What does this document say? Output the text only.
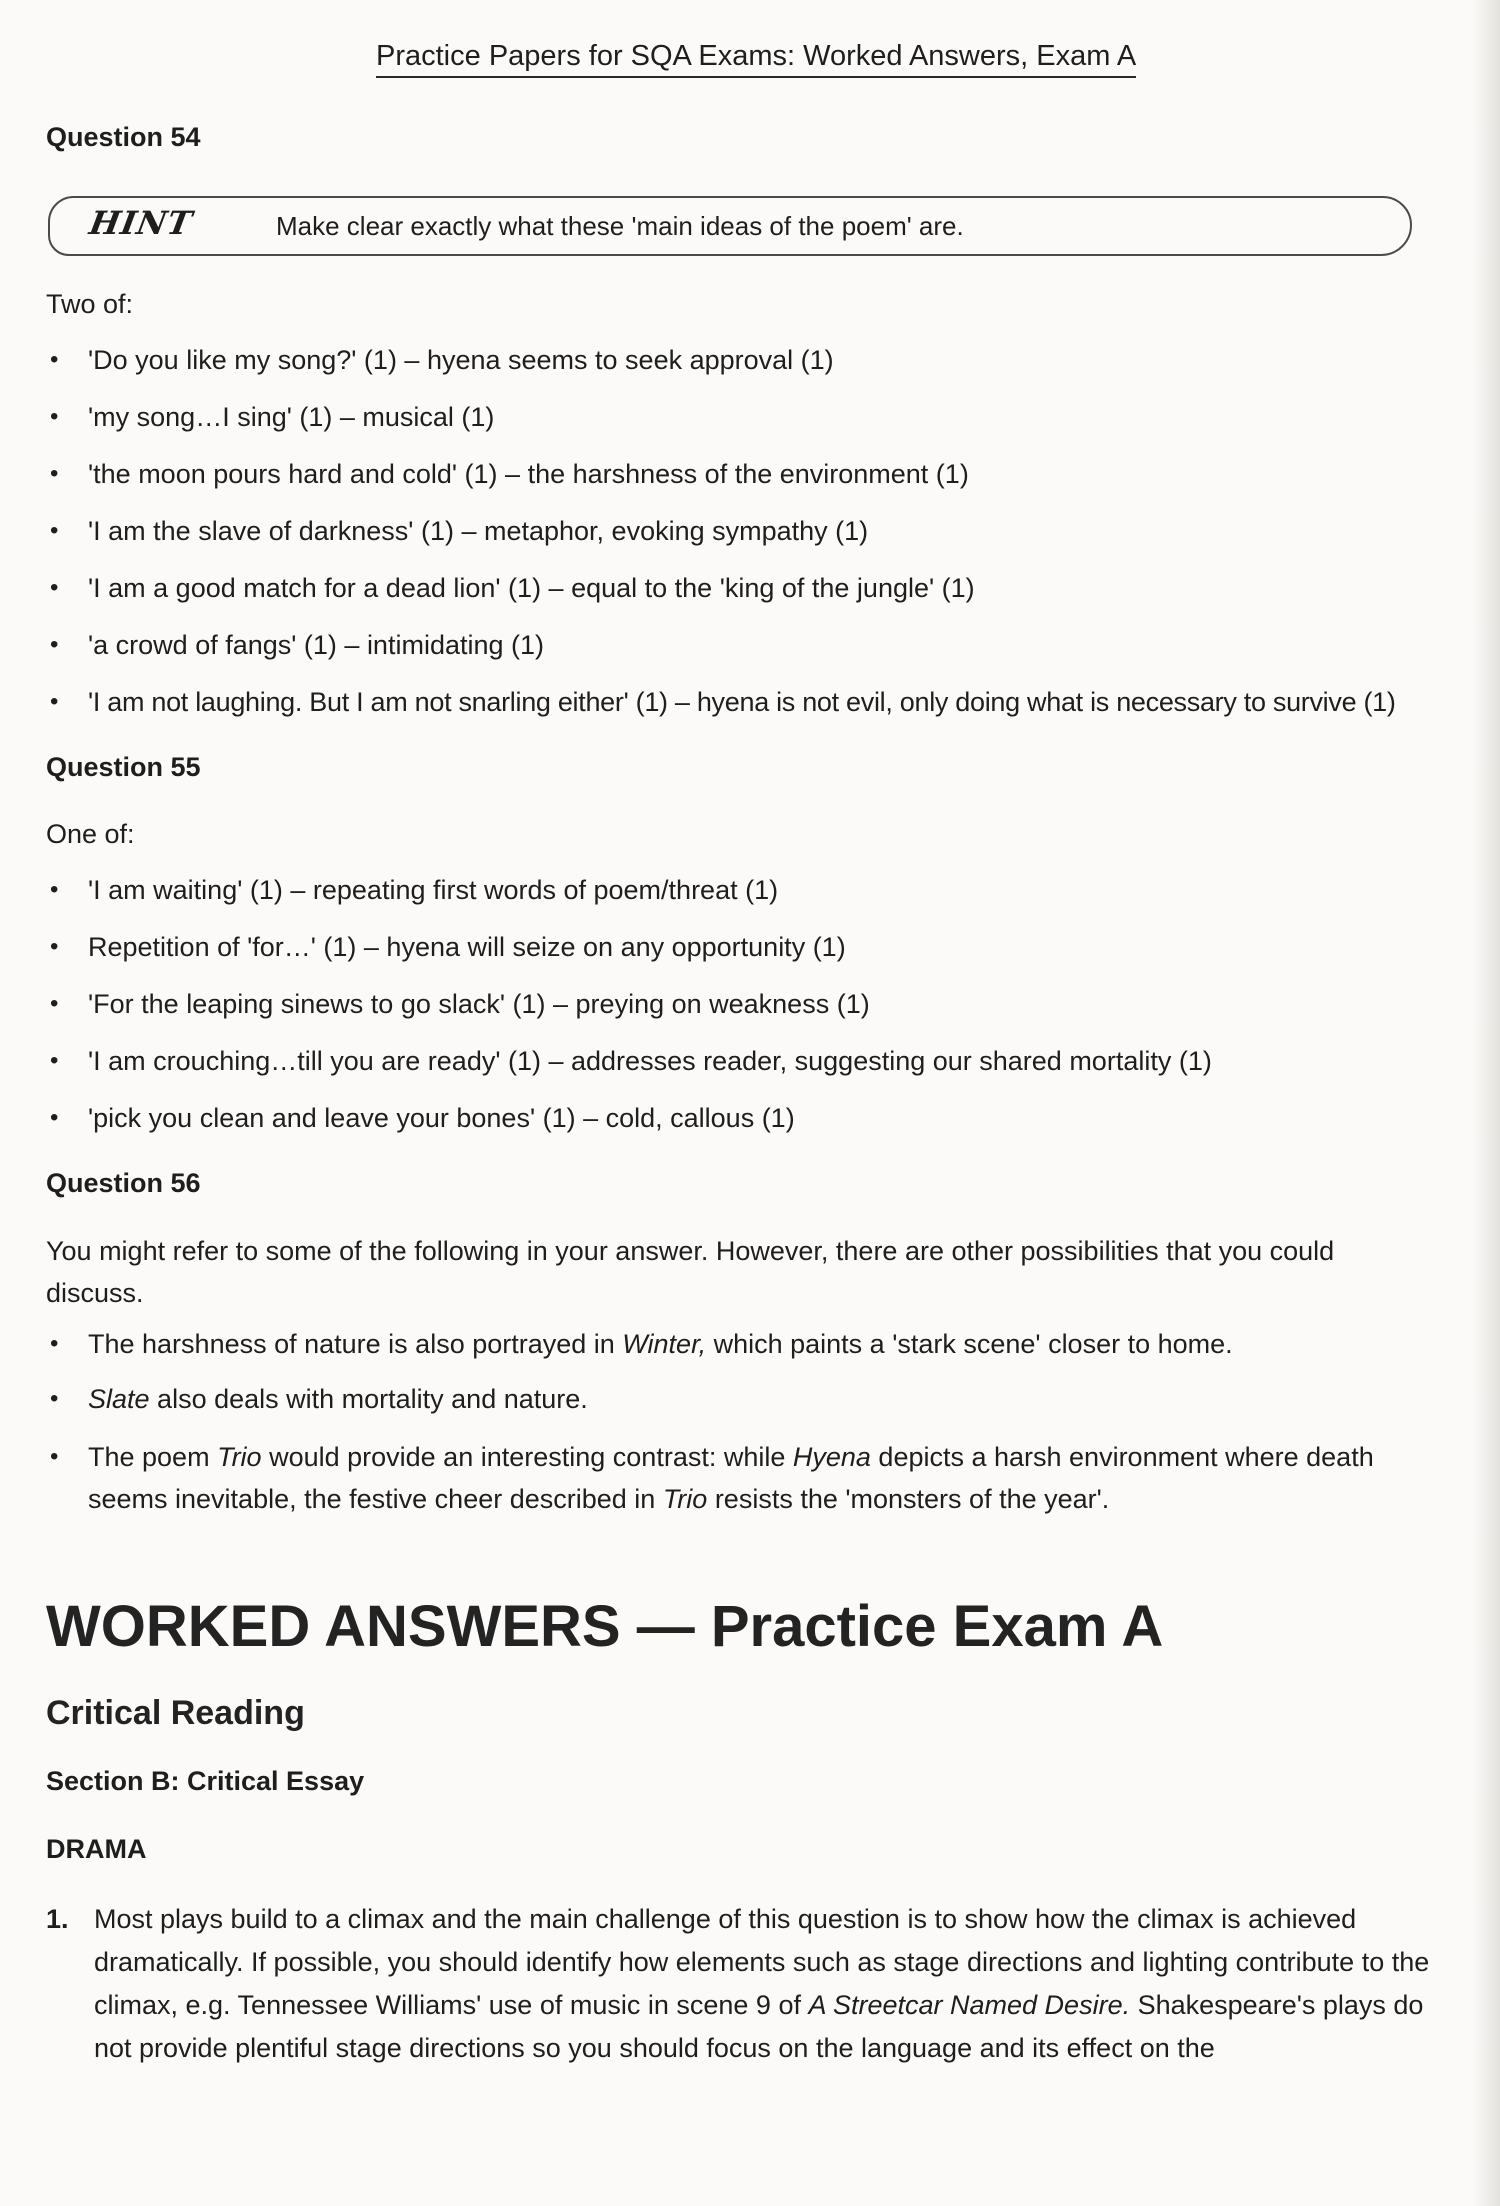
Practice Papers for SQA Exams: Worked Answers, Exam A
Question 54
HINT	Make clear exactly what these 'main ideas of the poem' are.

Two of:

• 'Do you like my song?' (1) – hyena seems to seek approval (1)
• 'my song…I sing' (1) – musical (1)
• 'the moon pours hard and cold' (1) – the harshness of the environment (1)
• 'I am the slave of darkness' (1) – metaphor, evoking sympathy (1)
• 'I am a good match for a dead lion' (1) – equal to the 'king of the jungle' (1)
• 'a crowd of fangs' (1) – intimidating (1)
• 'I am not laughing. But I am not snarling either' (1) – hyena is not evil, only doing what is necessary to survive (1)
Question 55

One of:

• 'I am waiting' (1) – repeating first words of poem/threat (1)
• Repetition of 'for…' (1) – hyena will seize on any opportunity (1)
• 'For the leaping sinews to go slack' (1) – preying on weakness (1)
• 'I am crouching…till you are ready' (1) – addresses reader, suggesting our shared mortality (1)
• 'pick you clean and leave your bones' (1) – cold, callous (1)
Question 56

You might refer to some of the following in your answer. However, there are other possibilities that you could discuss.

• The harshness of nature is also portrayed in Winter, which paints a 'stark scene' closer to home.
• Slate also deals with mortality and nature.
• The poem Trio would provide an interesting contrast: while Hyena depicts a harsh environment where death seems inevitable, the festive cheer described in Trio resists the 'monsters of the year'.
WORKED ANSWERS — Practice Exam A
Critical Reading
Section B: Critical Essay
DRAMA
1. Most plays build to a climax and the main challenge of this question is to show how the climax is achieved dramatically. If possible, you should identify how elements such as stage directions and lighting contribute to the climax, e.g. Tennessee Williams' use of music in scene 9 of A Streetcar Named Desire. Shakespeare's plays do not provide plentiful stage directions so you should focus on the language and its effect on the
